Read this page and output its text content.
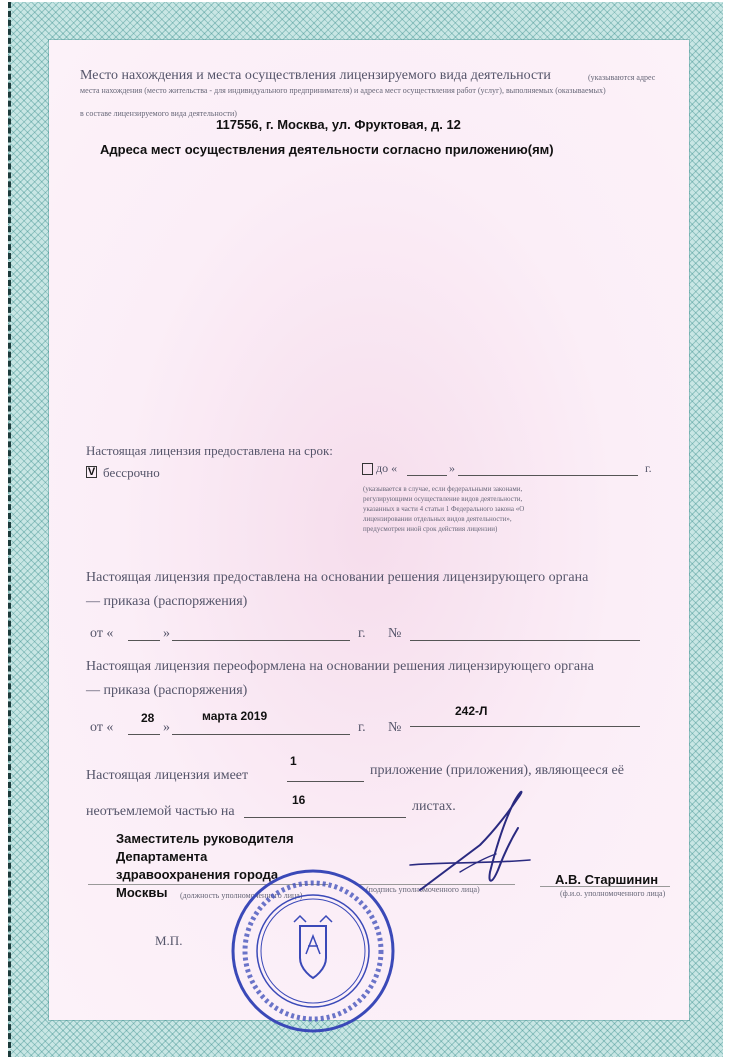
Место нахождения и места осуществления лицензируемого вида деятельности	(указываются адрес
места нахождения (место жительства - для индивидуального предпринимателя) и адреса мест осуществления работ (услуг), выполняемых (оказываемых)
в составе лицензируемого вида деятельности)
117556, г. Москва, ул. Фруктовая, д. 12
Адреса мест осуществления деятельности согласно приложению(ям)
Настоящая лицензия предоставлена на срок:
V бессрочно	до «	»	г.
(указывается в случае, если федеральными законами, регулирующими осуществление видов деятельности, указанных в части 4 статьи 1 Федерального закона «О лицензировании отдельных видов деятельности», предусмотрен иной срок действия лицензии)
Настоящая лицензия предоставлена на основании решения лицензирующего органа
— приказа (распоряжения)
от «	»	г. №
Настоящая лицензия переоформлена на основании решения лицензирующего органа
— приказа (распоряжения)
28	марта 2019	242-Л
от «	»	г. №
Настоящая лицензия имеет
1
приложение (приложения), являющееся её
неотъемлемой частью на
16	листах.
Заместитель руководителя
Департамента
здравоохранения города
Москвы (должность уполномоченного лица)
(подпись уполномоченного лица)
А.В. Старшинин
(ф.и.о. уполномоченного лица)
М.П.
